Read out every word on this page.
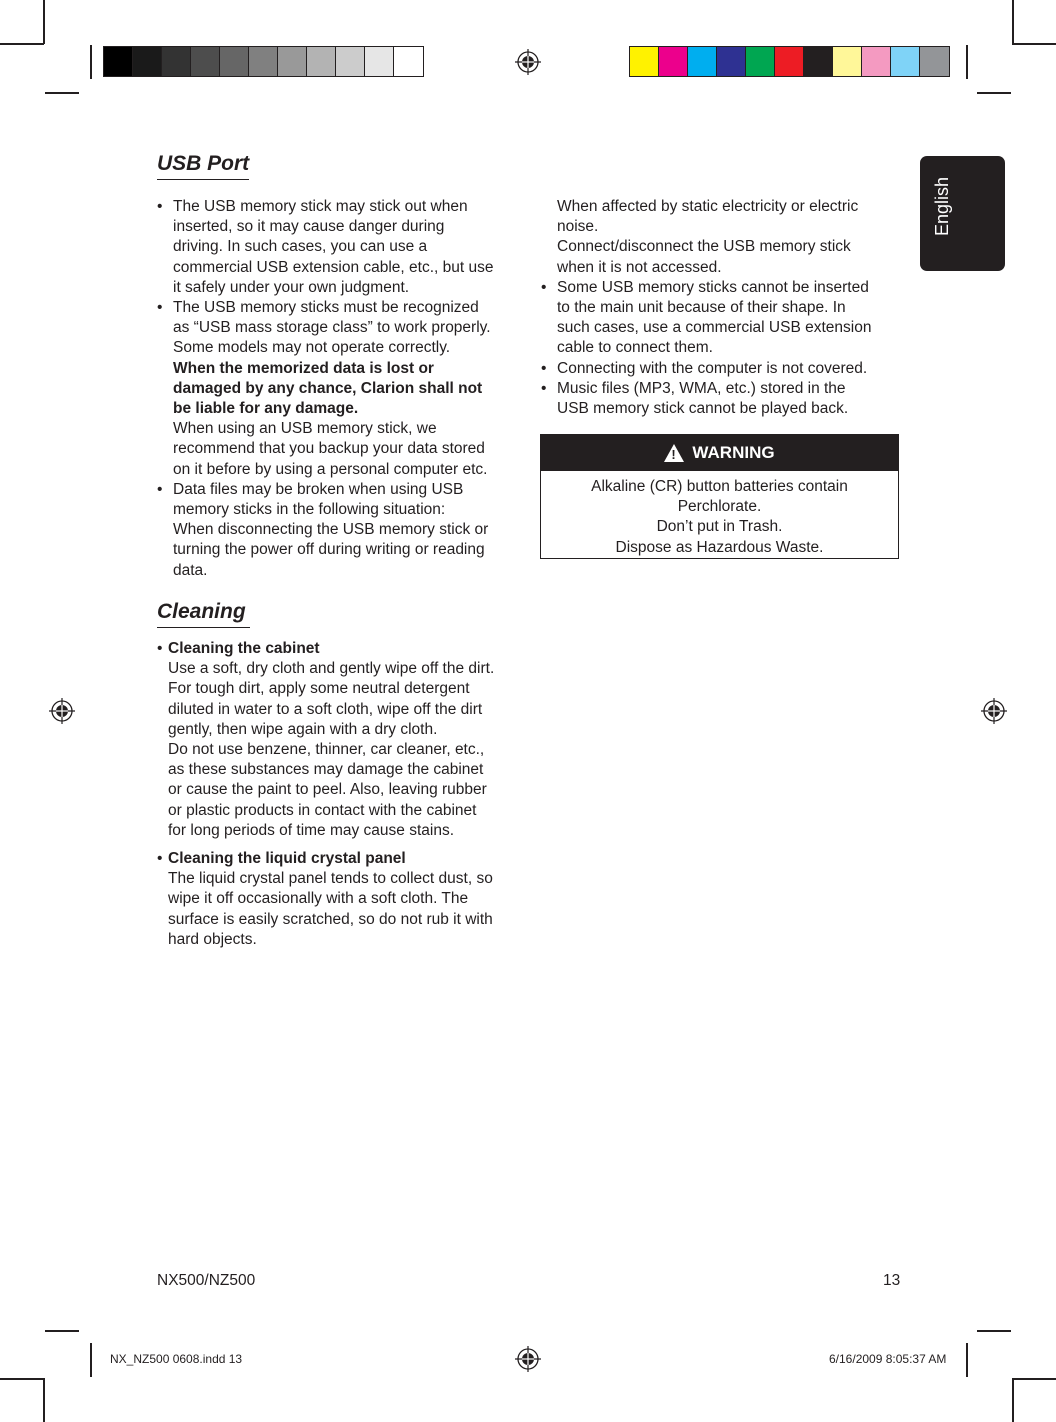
English
USB Port

• The USB memory stick may stick out when

inserted, so it may cause danger during

driving. In such cases, you can use a

commercial USB extension cable, etc., but use

it safely under your own judgment.

• The USB memory sticks must be recognized

as “USB mass storage class” to work properly.

Some models may not operate correctly.

When the memorized data is lost or

damaged by any chance, Clarion shall not

be liable for any damage.

When using an USB memory stick, we

recommend that you backup your data stored

on it before by using a personal computer etc.

• Data files may be broken when using USB

memory sticks in the following situation:

When disconnecting the USB memory stick or

turning the power off during writing or reading

data.

When affected by static electricity or electric

noise.

Connect/disconnect the USB memory stick

when it is not accessed.

• Some USB memory sticks cannot be inserted

to the main unit because of their shape. In

such cases, use a commercial USB extension

cable to connect them.

• Connecting with the computer is not covered.

• Music files (MP3, WMA, etc.) stored in the

USB memory stick cannot be played back.

!
WARNING
Alkaline (CR) button batteries contain
Perchlorate.
Don’t put in Trash.
Dispose as Hazardous Waste.
Cleaning

• Cleaning the cabinet

Use a soft, dry cloth and gently wipe off the dirt.

For tough dirt, apply some neutral detergent

diluted in water to a soft cloth, wipe off the dirt

gently, then wipe again with a dry cloth.

Do not use benzene, thinner, car cleaner, etc.,

as these substances may damage the cabinet

or cause the paint to peel. Also, leaving rubber

or plastic products in contact with the cabinet

for long periods of time may cause stains.

• Cleaning the liquid crystal panel

The liquid crystal panel tends to collect dust, so

wipe it off occasionally with a soft cloth. The

surface is easily scratched, so do not rub it with

hard objects.

NX500/NZ500	13
NX_NZ500 0608.indd 13	6/16/2009 8:05:37 AM
